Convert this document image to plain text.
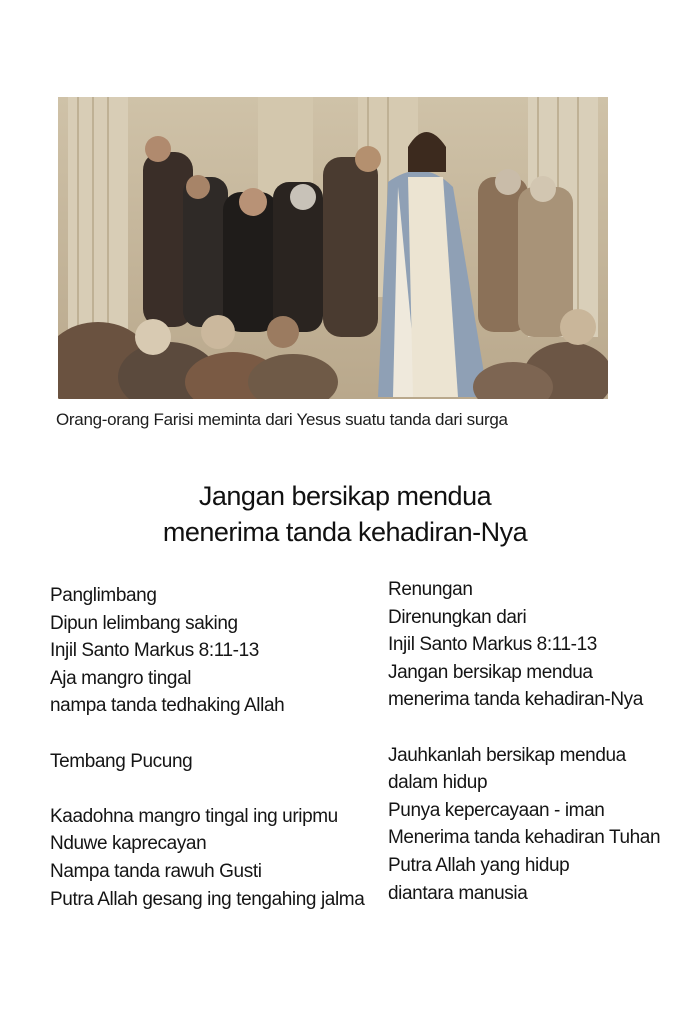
Orang-orang Farisi meminta dari Yesus suatu tanda dari surga
Jangan bersikap mendua
menerima tanda kehadiran-Nya
Panglimbang
Dipun lelimbang saking
Injil Santo Markus 8:11-13
Aja mangro tingal
nampa tanda tedhaking Allah
Tembang Pucung
Kaadohna mangro tingal ing uripmu
Nduwe kaprecayan
Nampa tanda rawuh Gusti
Putra Allah gesang ing tengahing jalma
Renungan
Direnungkan dari
Injil Santo Markus 8:11-13
Jangan bersikap mendua
menerima tanda kehadiran-Nya
Jauhkanlah bersikap mendua
dalam hidup
Punya kepercayaan - iman
Menerima tanda kehadiran Tuhan
Putra Allah yang hidup
diantara manusia
